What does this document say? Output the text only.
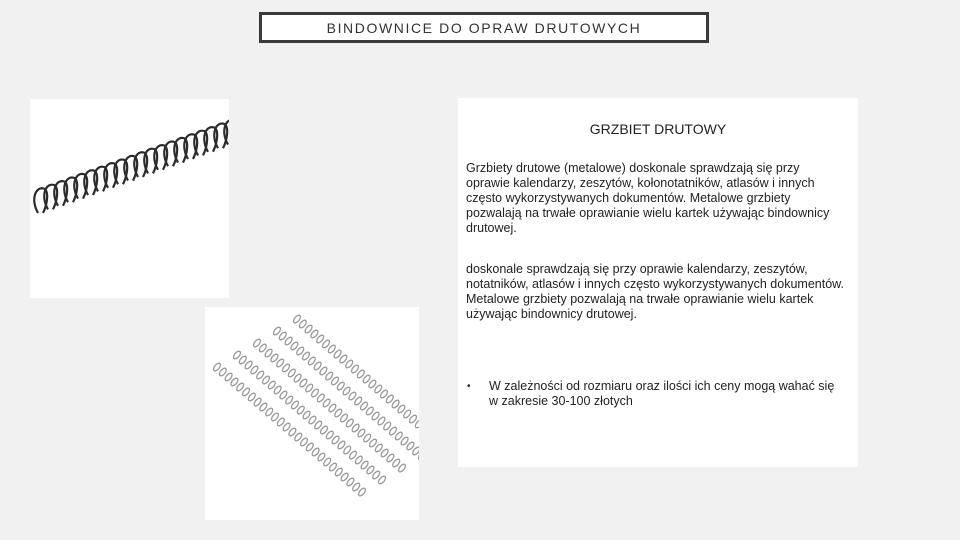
BINDOWNICE DO OPRAW DRUTOWYCH
GRZBIET DRUTOWY
Grzbiety drutowe (metalowe) doskonale sprawdzają się przy oprawie kalendarzy, zeszytów, kołonotatników, atlasów i innych często wykorzystywanych dokumentów. Metalowe grzbiety pozwalają na trwałe oprawianie wielu kartek używając bindownicy drutowej.
doskonale sprawdzają się przy oprawie kalendarzy, zeszytów, notatników, atlasów i innych często wykorzystywanych dokumentów. Metalowe grzbiety pozwalają na trwałe oprawianie wielu kartek używając bindownicy drutowej.
•	W zależności od rozmiaru oraz ilości ich ceny mogą wahać się w zakresie 30-100 złotych
